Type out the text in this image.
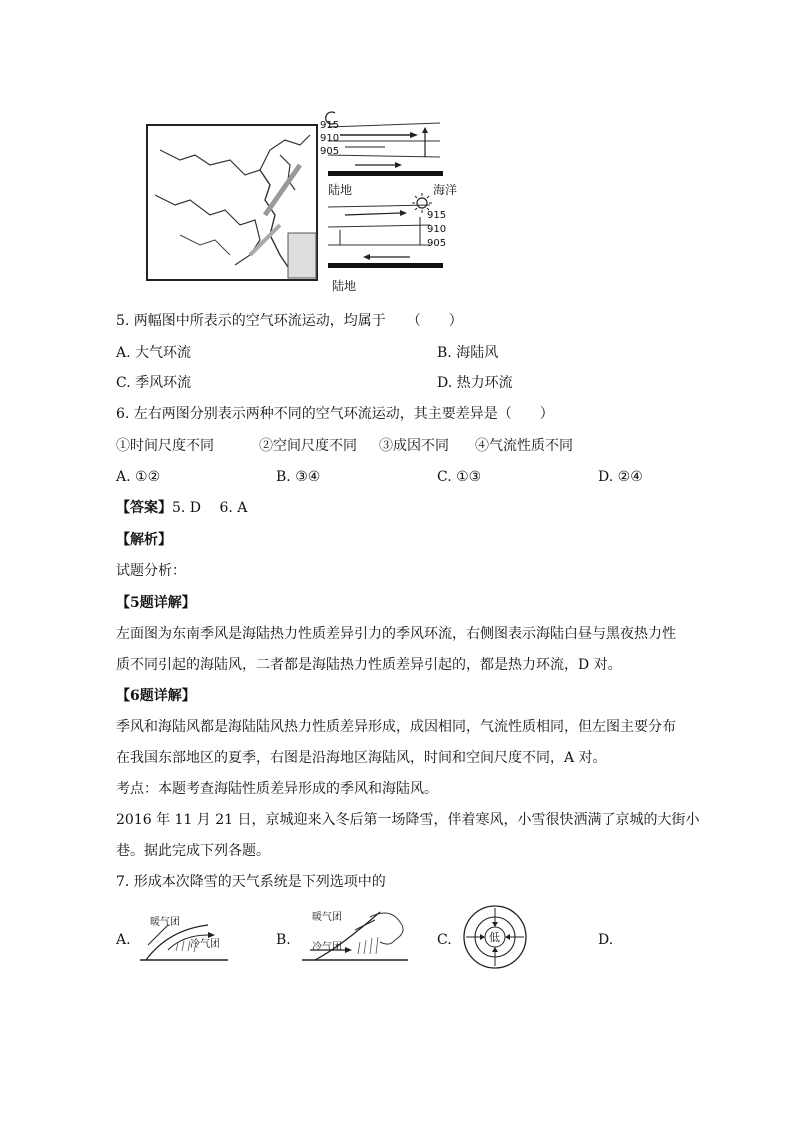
915
910
905
陆地	海洋
915
910
905
陆地
5. 两幅图中所表示的空气环流运动，均属于　　（　　）
A. 大气环流	B. 海陆风
C. 季风环流	D. 热力环流
6. 左右两图分别表示两种不同的空气环流运动，其主要差异是（　　）
①时间尺度不同	②空间尺度不同 ③成因不同 ④气流性质不同
A. ①②	B. ③④	C. ①③	D. ②④
【答案】5. D　 6. A
【解析】
试题分析：
【5题详解】
左面图为东南季风是海陆热力性质差异引力的季风环流，右侧图表示海陆白昼与黑夜热力性
质不同引起的海陆风，二者都是海陆热力性质差异引起的，都是热力环流，D 对。
【6题详解】
季风和海陆风都是海陆陆风热力性质差异形成，成因相同，气流性质相同，但左图主要分布
在我国东部地区的夏季，右图是沿海地区海陆风，时间和空间尺度不同，A 对。
考点：本题考查海陆性质差异形成的季风和海陆风。
2016 年 11 月 21 日，京城迎来入冬后第一场降雪，伴着寒风，小雪很快洒满了京城的大街小
巷。据此完成下列各题。
7. 形成本次降雪的天气系统是下列选项中的
A.
暖气团
冷气团	B.
暖气团
冷气团	C.	低	D.
